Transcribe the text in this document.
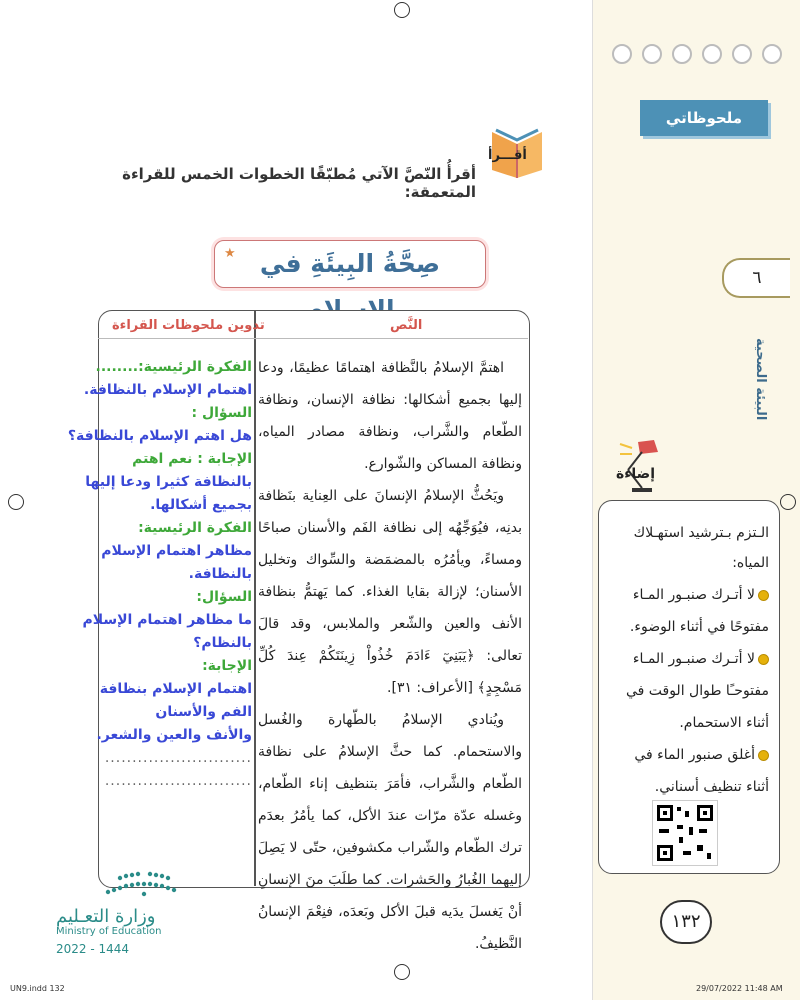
ملحوظاتي
٦
البيئة الصحية
إضاءة

الـتزم بـترشيد استهـلاك

المياه:

لا أتـرك صنبـور المـاء

مفتوحًا في أثناء الوضوء.

لا أتـرك صنبـور المـاء

مفتوحـًا طوال الوقت في

أثناء الاستحمام.

أغلق صنبور الماء في

أثناء تنظيف أسناني.

١٣٢
أقـــرأ
أقرأُ النّصَّ الآتي مُطبّقًا الخطوات الخمس للقراءة المتعمقة:
صِحَّةُ البِيئَةِ في
★
النَّص
تدوين ملحوظات القراءة

اهتمَّ الإسلامُ بالنَّظافة اهتمامًا عظيمًا، ودعا إليها بجميع أشكالها: نظافة الإنسان، ونظافة الطّعام والشَّراب، ونظافة مصادر المياه، ونظافة المساكن والشّوارع.

ويَحُثُّ الإسلامُ الإنسانَ على العِناية بنَظافة بدنِه، فيُوَجِّهُه إلى نظافة الفَم والأسنان صباحًا ومساءً، ويأمُرُه بالمضمَضة والسِّواك وتخليل الأسنان؛ لإزالة بقايا الغذاء. كما يَهتمُّ بنظافة الأنف والعين والشّعر والملابس، وقد قالَ تعالى: ﴿يَبَنِيٓ ءَادَمَ خُذُواْ زِينَتَكُمْ عِندَ كُلِّ مَسْجِدٍ﴾ [الأعراف: ٣١].

ويُنادي الإسلامُ بالطّهارة والغُسل والاستحمام. كما حثَّ الإسلامُ على نظافة الطّعام والشَّراب، فأمَرَ بتنظيف إناء الطّعام، وغسله عدّة مرّات عندَ الأكل، كما يأمُرُ بعدَم ترك الطّعام والشّراب مكشوفين، حتّى لا يَصِلَ إليهما الغُبارُ والحَشرات. كما طلَبَ منَ الإنسانِ أنْ يَغسلَ يدَيه قبلَ الأكل وبَعدَه، فنِعْمَ الإنسانُ النَّظيفُ.

الفكرة الرئيسية:........
اهتمام الإسلام بالنظافة.
السؤال :
هل اهتم الإسلام بالنظافة؟
الإجابة : نعم اهتم
بالنظافة كثيرا ودعا إليها
بجميع أشكالها.
الفكرة الرئيسية:
مظاهر اهتمام الإسلام
بالنظافة.
السؤال:
ما مظاهر اهتمام الإسلام
بالنظام؟
الإجابة:
اهتمام الإسلام بنظافة
الفم والأسنان
والأنف والعين والشعر.
...........................
...........................
وزارة التعـليم
Ministry of Education
2022 - 1444
UN9.indd 132	29/07/2022 11:48 AM
